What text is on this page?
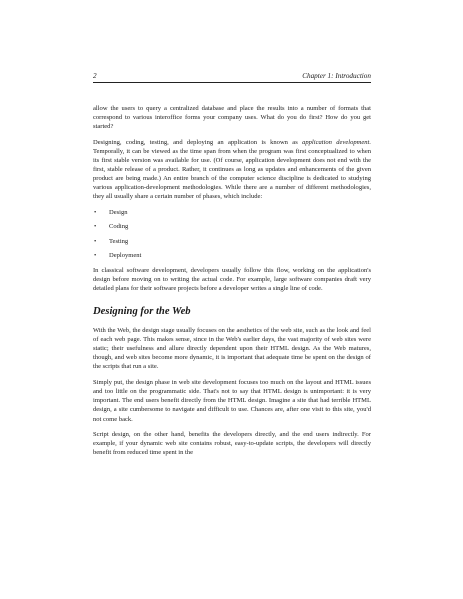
2	Chapter 1: Introduction

allow the users to query a centralized database and place the results into a number of formats that correspond to various interoffice forms your company uses. What do you do first? How do you get started?

Designing, coding, testing, and deploying an application is known as application development. Temporally, it can be viewed as the time span from when the program was first conceptualized to when its first stable version was available for use. (Of course, application development does not end with the first, stable release of a product. Rather, it continues as long as updates and enhancements of the given product are being made.) An entire branch of the computer science discipline is dedicated to studying various application-development methodologies. While there are a number of different methodologies, they all usually share a certain number of phases, which include:

•	Design
•	Coding
•	Testing
•	Deployment

In classical software development, developers usually follow this flow, working on the application's design before moving on to writing the actual code. For example, large software companies draft very detailed plans for their software projects before a developer writes a single line of code.

Designing for the Web

With the Web, the design stage usually focuses on the aesthetics of the web site, such as the look and feel of each web page. This makes sense, since in the Web's earlier days, the vast majority of web sites were static; their usefulness and allure directly dependent upon their HTML design. As the Web matures, though, and web sites become more dynamic, it is important that adequate time be spent on the design of the scripts that run a site.

Simply put, the design phase in web site development focuses too much on the layout and HTML issues and too little on the programmatic side. That's not to say that HTML design is unimportant: it is very important. The end users benefit directly from the HTML design. Imagine a site that had terrible HTML design, a site cumbersome to navigate and difficult to use. Chances are, after one visit to this site, you'd not come back.

Script design, on the other hand, benefits the developers directly, and the end users indirectly. For example, if your dynamic web site contains robust, easy-to-update scripts, the developers will directly benefit from reduced time spent in the
